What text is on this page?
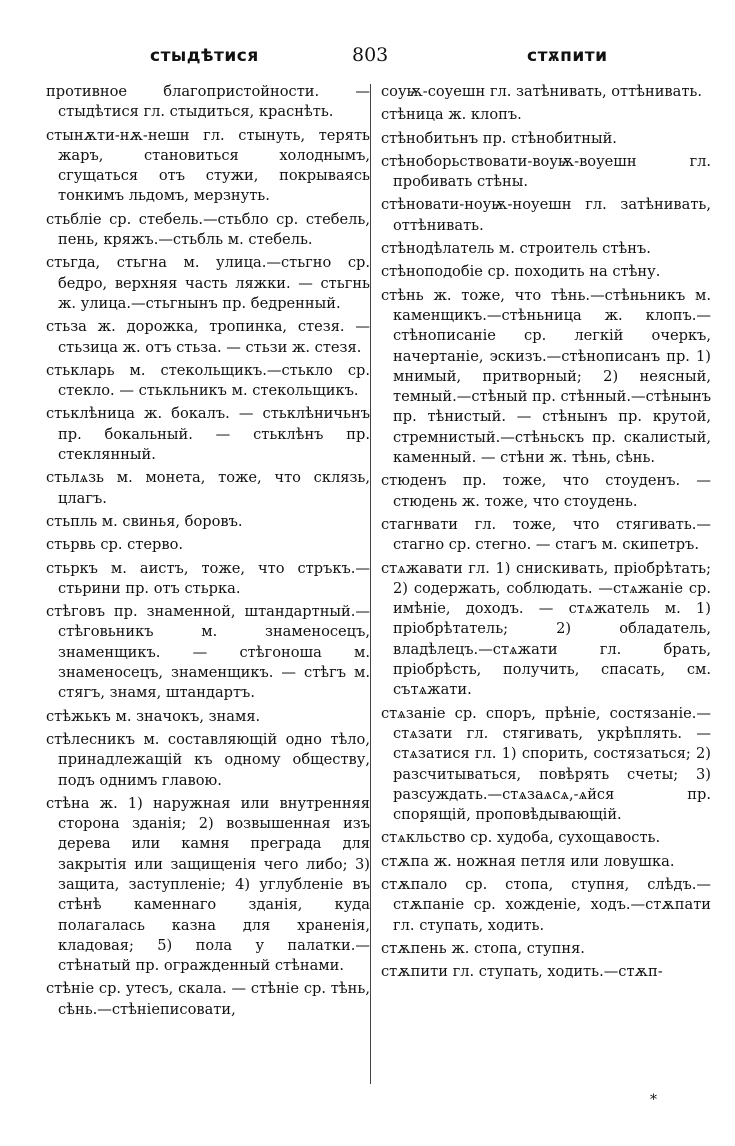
стыдѣтися	803	стѫпити

противное благопристойности. — стыдѣтися гл. стыдиться, краснѣть.

стынѫти-нѫ-нешн гл. стынуть, терять жаръ, становиться холоднымъ, сгущаться отъ стужи, покрываясь тонкимъ льдомъ, мерзнуть.

стьбліе ср. стебель.—стьбло ср. стебель, пень, кряжъ.—стьбль м. стебель.

стьгда, стьгна м. улица.—стьгно ср. бедро, верхняя часть ляжки. — стьгнь ж. улица.—стьгнынъ пр. бедренный.

стьза ж. дорожка, тропинка, стезя. —стьзица ж. отъ стьза. — стьзи ж. стезя.

стькларь м. стекольщикъ.—стькло ср. стекло. — стькльникъ м. стекольщикъ.

стьклѣница ж. бокалъ. — стьклѣничьнъ пр. бокальный. — стьклѣнъ пр. стеклянный.

стьлѧзь м. монета, тоже, что склязь, цлагъ.

стьпль м. свинья, боровъ.

стьрвь ср. стерво.

стьркъ м. аистъ, тоже, что стръкъ.— стьрини пр. отъ стьрка.

стѣговъ пр. знаменной, штандартный.—стѣговьникъ м. знаменосецъ, знаменщикъ. — стѣгоноша м. знаменосецъ, знаменщикъ. — стѣгъ м. стягъ, знамя, штандартъ.

стѣжькъ м. значокъ, знамя.

стѣлесникъ м. составляющій одно тѣло, принадлежащій къ одному обществу, подъ однимъ главою.

стѣна ж. 1) наружная или внутренняя сторона зданія; 2) возвышенная изъ дерева или камня преграда для закрытія или защищенія чего либо; 3) защита, заступленіе; 4) углубленіе въ стѣнѣ каменнаго зданія, куда полагалась казна для храненія, кладовая; 5) пола у палатки.— стѣнатый пр. огражденный стѣнами.

стѣніе ср. утесъ, скала. — стѣніе ср. тѣнь, сѣнь.—стѣніеписовати,

соуѭ-соуешн гл. затѣнивать, оттѣнивать.

стѣница ж. клопъ.

стѣнобитьнъ пр. стѣнобитный.

стѣноборьствовати-воуѭ-воуешн гл. пробивать стѣны.

стѣновати-ноуѭ-ноуешн гл. затѣнивать, оттѣнивать.

стѣнодѣлатель м. строитель стѣнъ.

стѣноподобіе ср. походить на стѣну.

стѣнь ж. тоже, что тѣнь.—стѣньникъ м. каменщикъ.—стѣньница ж. клопъ.—стѣнописаніе ср. легкій очеркъ, начертаніе, эскизъ.—стѣнописанъ пр. 1) мнимый, притворный; 2) неясный, темный.—стѣный пр. стѣнный.—стѣнынъ пр. тѣнистый. — стѣнынъ пр. крутой, стремнистый.—стѣньскъ пр. скалистый, каменный. — стѣни ж. тѣнь, сѣнь.

стюденъ пр. тоже, что стоуденъ. — стюдень ж. тоже, что стоудень.

стагнвати гл. тоже, что стягивать.— стагно ср. стегно. — стагъ м. скипетръ.

стѧжавати гл. 1) снискивать, пріобрѣтать; 2) содержать, соблюдать. —стѧжаніе ср. имѣніе, доходъ. — стѧжатель м. 1) пріобрѣтатель; 2) обладатель, владѣлецъ.—стѧжати гл. брать, пріобрѣсть, получить, спасать, см. сътѧжати.

стѧзаніе ср. споръ, прѣніе, состязаніе.—стѧзати гл. стягивать, укрѣплять. — стѧзатися гл. 1) спорить, состязаться; 2) разсчитываться, повѣрять счеты; 3) разсуждать.—стѧзаѧсѧ,-ѧйся пр. спорящій, проповѣдывающій.

стѧкльство ср. худоба, сухощавость.

стѫпа ж. ножная петля или ловушка.

стѫпало ср. стопа, ступня, слѣдъ.— стѫпаніе ср. хожденіе, ходъ.—стѫпати гл. ступать, ходить.

стѫпень ж. стопа, ступня.

стѫпити гл. ступать, ходить.—стѫп-

*
